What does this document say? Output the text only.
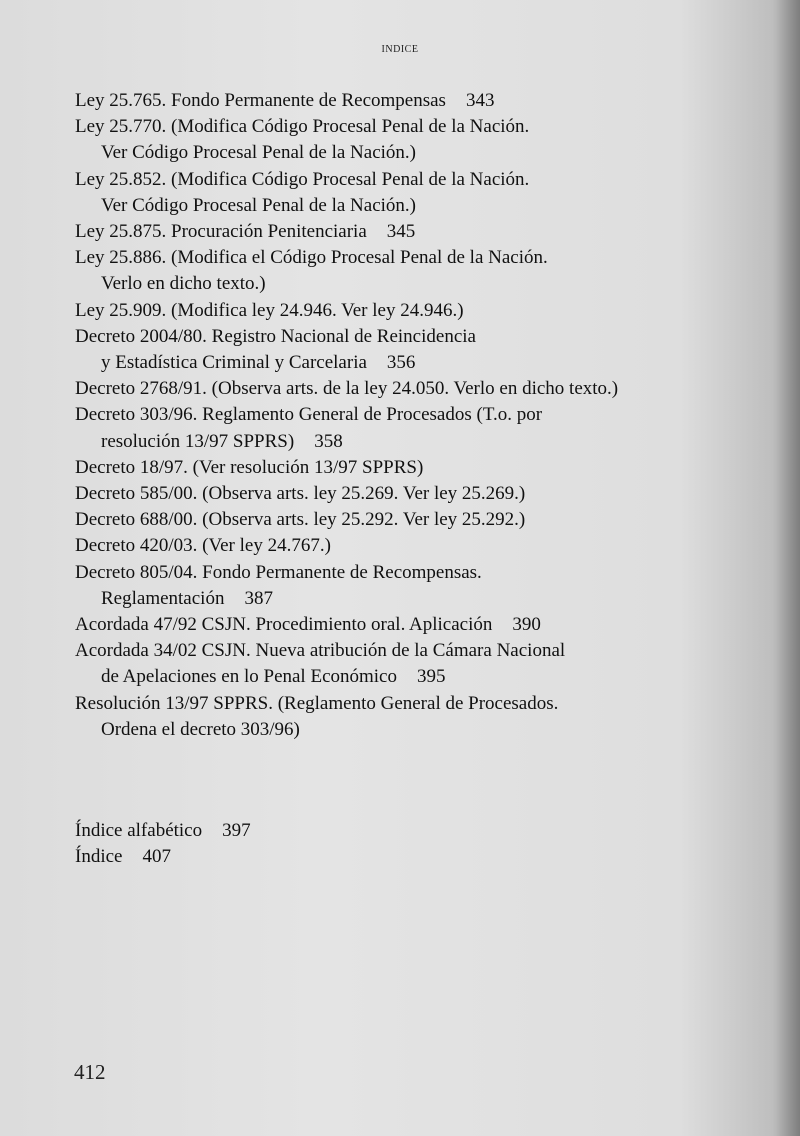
INDICE
Ley 25.765. Fondo Permanente de Recompensas 343
Ley 25.770. (Modifica Código Procesal Penal de la Nación.
Ver Código Procesal Penal de la Nación.)
Ley 25.852. (Modifica Código Procesal Penal de la Nación.
Ver Código Procesal Penal de la Nación.)
Ley 25.875. Procuración Penitenciaria 345
Ley 25.886. (Modifica el Código Procesal Penal de la Nación.
Verlo en dicho texto.)
Ley 25.909. (Modifica ley 24.946. Ver ley 24.946.)
Decreto 2004/80. Registro Nacional de Reincidencia
y Estadística Criminal y Carcelaria 356
Decreto 2768/91. (Observa arts. de la ley 24.050. Verlo en dicho texto.)
Decreto 303/96. Reglamento General de Procesados (T.o. por
resolución 13/97 SPPRS) 358
Decreto 18/97. (Ver resolución 13/97 SPPRS)
Decreto 585/00. (Observa arts. ley 25.269. Ver ley 25.269.)
Decreto 688/00. (Observa arts. ley 25.292. Ver ley 25.292.)
Decreto 420/03. (Ver ley 24.767.)
Decreto 805/04. Fondo Permanente de Recompensas.
Reglamentación 387
Acordada 47/92 CSJN. Procedimiento oral. Aplicación 390
Acordada 34/02 CSJN. Nueva atribución de la Cámara Nacional
de Apelaciones en lo Penal Económico 395
Resolución 13/97 SPPRS. (Reglamento General de Procesados.
Ordena el decreto 303/96)
Índice alfabético 397
Índice 407
412
